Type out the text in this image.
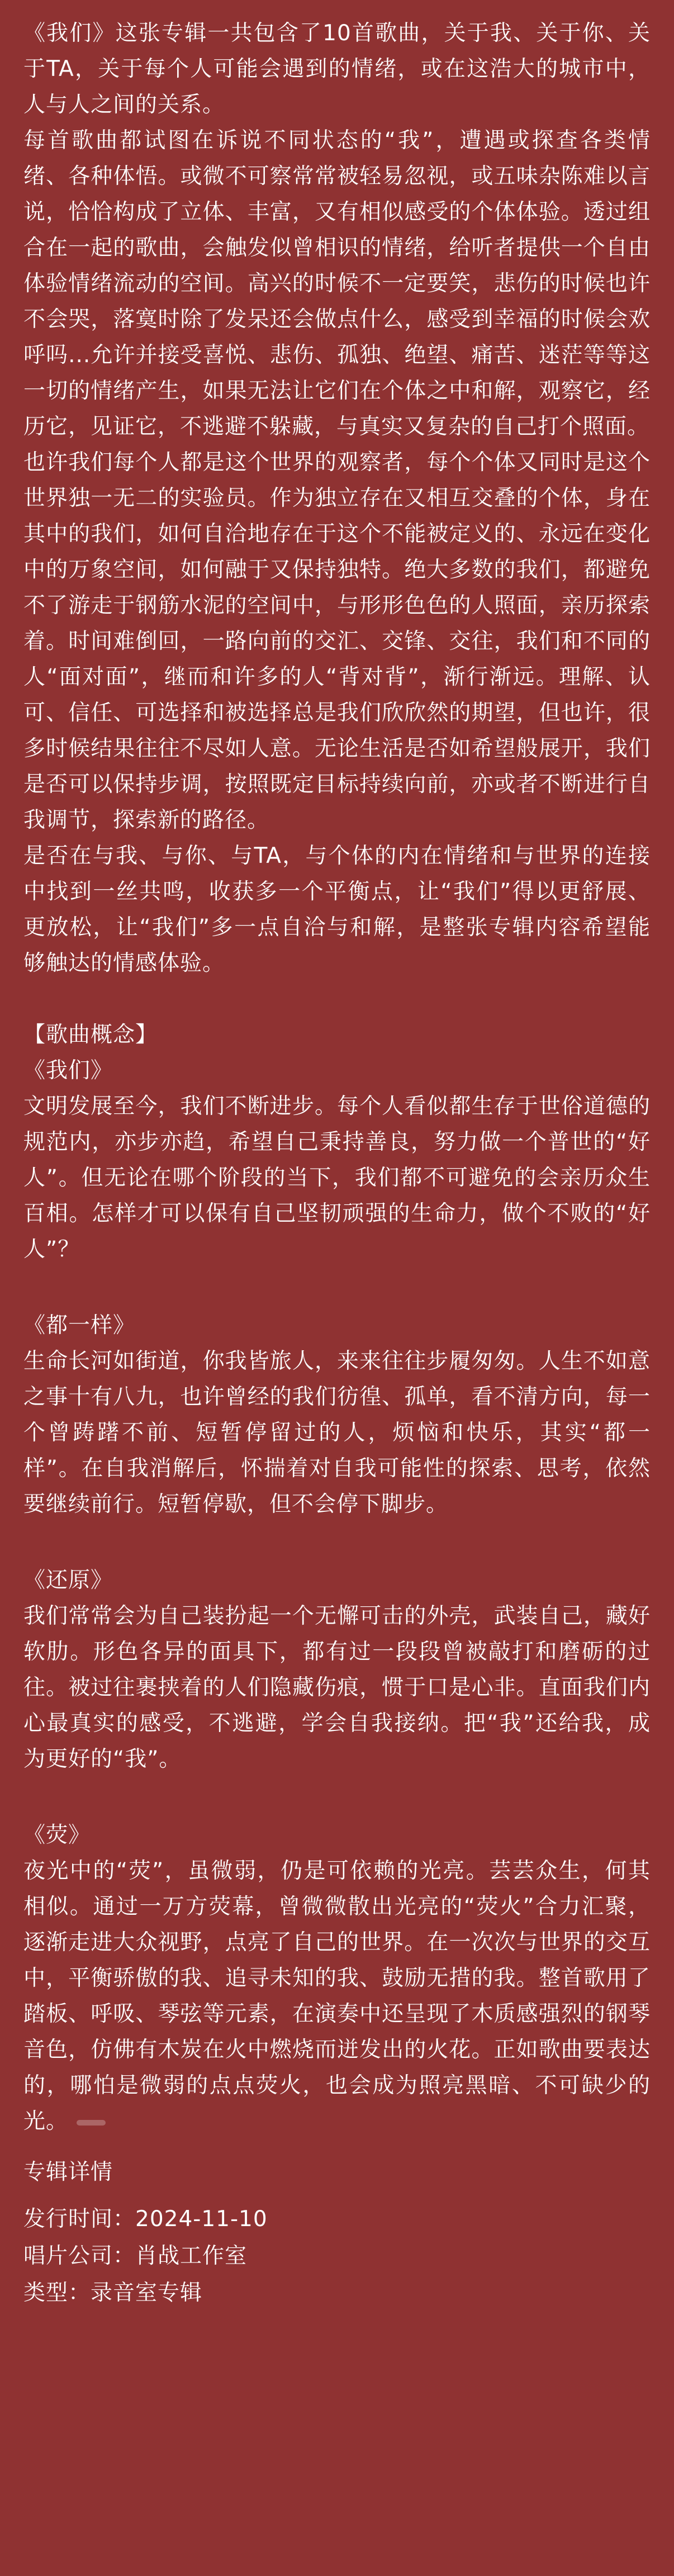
《我们》这张专辑一共包含了10首歌曲，关于我、关于你、关于TA，关于每个人可能会遇到的情绪，或在这浩大的城市中，人与人之间的关系。

每首歌曲都试图在诉说不同状态的“我”，遭遇或探查各类情绪、各种体悟。或微不可察常常被轻易忽视，或五味杂陈难以言说，恰恰构成了立体、丰富，又有相似感受的个体体验。透过组合在一起的歌曲，会触发似曾相识的情绪，给听者提供一个自由体验情绪流动的空间。高兴的时候不一定要笑，悲伤的时候也许不会哭，落寞时除了发呆还会做点什么，感受到幸福的时候会欢呼吗...允许并接受喜悦、悲伤、孤独、绝望、痛苦、迷茫等等这一切的情绪产生，如果无法让它们在个体之中和解，观察它，经历它，见证它，不逃避不躲藏，与真实又复杂的自己打个照面。

也许我们每个人都是这个世界的观察者，每个个体又同时是这个世界独一无二的实验员。作为独立存在又相互交叠的个体，身在其中的我们，如何自洽地存在于这个不能被定义的、永远在变化中的万象空间，如何融于又保持独特。绝大多数的我们，都避免不了游走于钢筋水泥的空间中，与形形色色的人照面，亲历探索着。时间难倒回，一路向前的交汇、交锋、交往，我们和不同的人“面对面”，继而和许多的人“背对背”，渐行渐远。理解、认可、信任、可选择和被选择总是我们欣欣然的期望，但也许，很多时候结果往往不尽如人意。无论生活是否如希望般展开，我们是否可以保持步调，按照既定目标持续向前，亦或者不断进行自我调节，探索新的路径。

是否在与我、与你、与TA，与个体的内在情绪和与世界的连接中找到一丝共鸣，收获多一个平衡点，让“我们”得以更舒展、更放松，让“我们”多一点自洽与和解，是整张专辑内容希望能够触达的情感体验。

【歌曲概念】

《我们》

文明发展至今，我们不断进步。每个人看似都生存于世俗道德的规范内，亦步亦趋，希望自己秉持善良，努力做一个普世的“好人”。但无论在哪个阶段的当下，我们都不可避免的会亲历众生百相。怎样才可以保有自己坚韧顽强的生命力，做个不败的“好人”？

《都一样》

生命长河如街道，你我皆旅人，来来往往步履匆匆。人生不如意之事十有八九，也许曾经的我们彷徨、孤单，看不清方向，每一个曾踌躇不前、短暂停留过的人，烦恼和快乐，其实“都一样”。在自我消解后，怀揣着对自我可能性的探索、思考，依然要继续前行。短暂停歇，但不会停下脚步。

《还原》

我们常常会为自己装扮起一个无懈可击的外壳，武装自己，藏好软肋。形色各异的面具下，都有过一段段曾被敲打和磨砺的过往。被过往裹挟着的人们隐藏伤痕，惯于口是心非。直面我们内心最真实的感受，不逃避，学会自我接纳。把“我”还给我，成为更好的“我”。

《荧》

夜光中的“荧”，虽微弱，仍是可依赖的光亮。芸芸众生，何其相似。通过一万方荧幕，曾微微散出光亮的“荧火”合力汇聚，逐渐走进大众视野，点亮了自己的世界。在一次次与世界的交互中，平衡骄傲的我、追寻未知的我、鼓励无措的我。整首歌用了踏板、呼吸、琴弦等元素，在演奏中还呈现了木质感强烈的钢琴音色，仿佛有木炭在火中燃烧而迸发出的火花。正如歌曲要表达的，哪怕是微弱的点点荧火，也会成为照亮黑暗、不可缺少的光。

专辑详情
发行时间：2024-11-10
唱片公司：肖战工作室
类型：录音室专辑
